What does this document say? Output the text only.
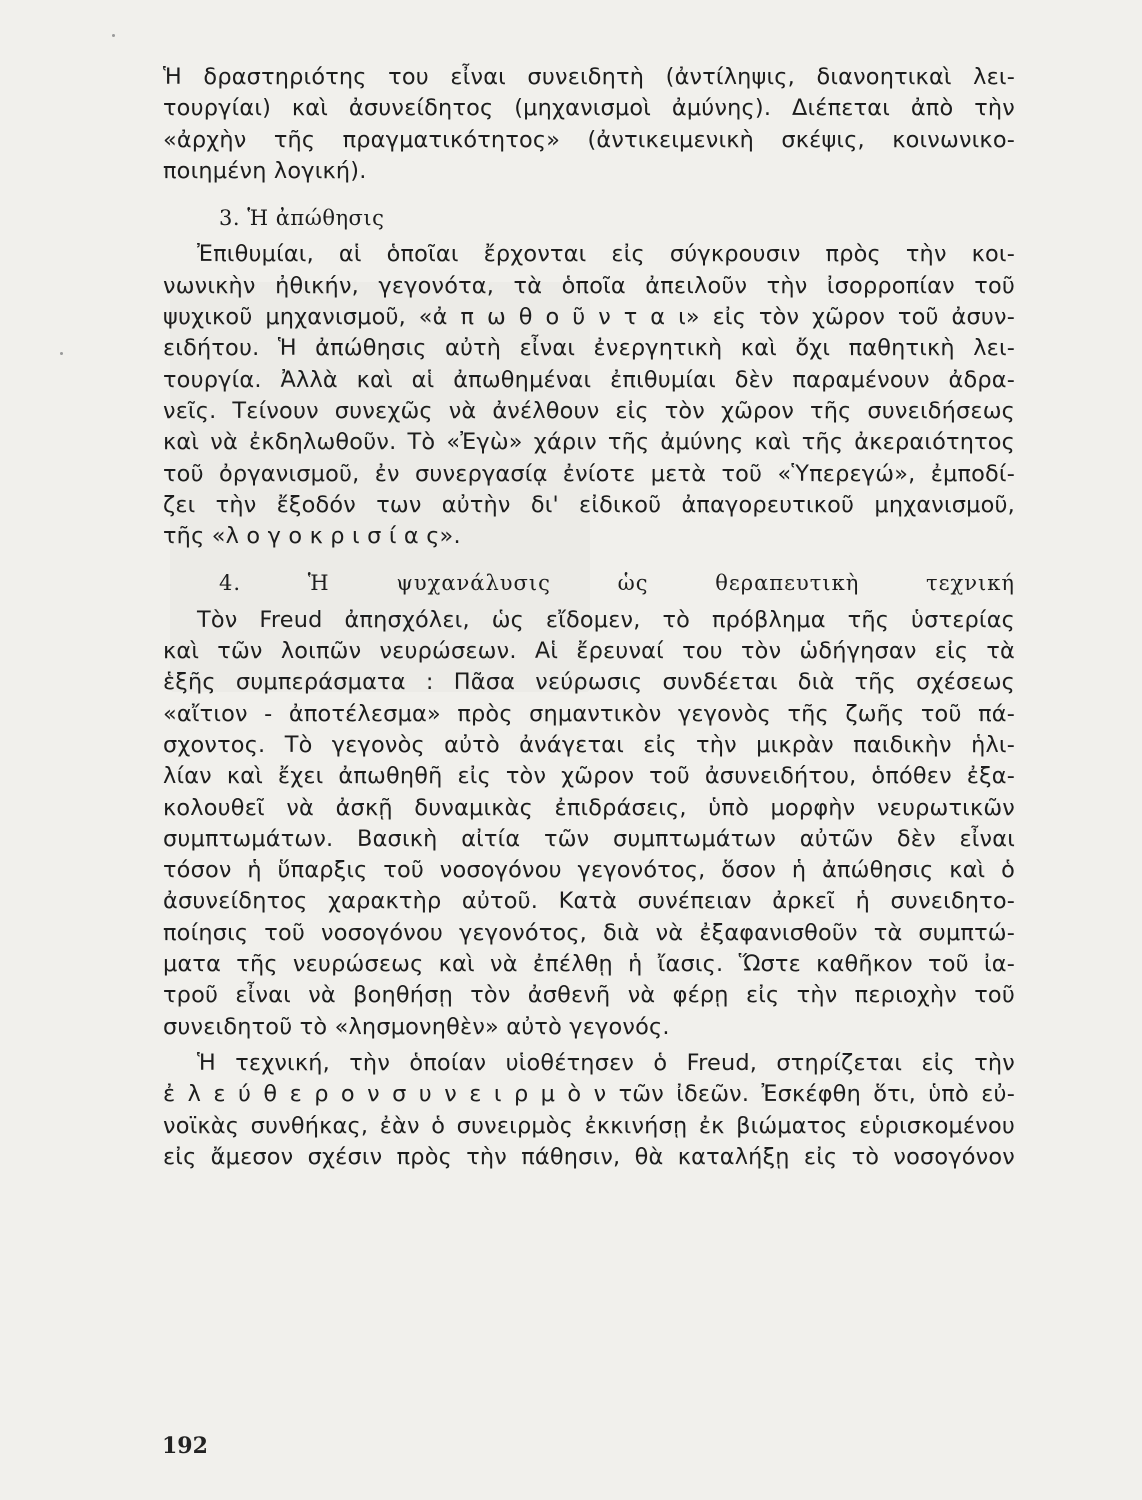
Ἡ δραστηριότης του εἶναι συνειδητὴ (ἀντίληψις, διανοητικαὶ λει-
τουργίαι) καὶ ἀσυνείδητος (μηχανισμοὶ ἀμύνης). Διέπεται ἀπὸ τὴν
«ἀρχὴν τῆς πραγματικότητος» (ἀντικειμενικὴ σκέψις, κοινωνικο-
ποιημένη λογική).
3. Ἡ ἀπώθησις
Ἐπιθυμίαι, αἱ ὁποῖαι ἔρχονται εἰς σύγκρουσιν πρὸς τὴν κοι-
νωνικὴν ἠθικήν, γεγονότα, τὰ ὁποῖα ἀπειλοῦν τὴν ἰσορροπίαν τοῦ
ψυχικοῦ μηχανισμοῦ, «ἀ π ω θ ο ῦ ν τ α ι» εἰς τὸν χῶρον τοῦ ἀσυν-
ειδήτου. Ἡ ἀπώθησις αὐτὴ εἶναι ἐνεργητικὴ καὶ ὄχι παθητικὴ λει-
τουργία. Ἀλλὰ καὶ αἱ ἀπωθημέναι ἐπιθυμίαι δὲν παραμένουν ἀδρα-
νεῖς. Τείνουν συνεχῶς νὰ ἀνέλθουν εἰς τὸν χῶρον τῆς συνειδήσεως
καὶ νὰ ἐκδηλωθοῦν. Τὸ «Ἐγὼ» χάριν τῆς ἀμύνης καὶ τῆς ἀκεραιότητος
τοῦ ὀργανισμοῦ, ἐν συνεργασίᾳ ἐνίοτε μετὰ τοῦ «Ὑπερεγώ», ἐμποδί-
ζει τὴν ἔξοδόν των αὐτὴν δι' εἰδικοῦ ἀπαγορευτικοῦ μηχανισμοῦ,
τῆς «λ ο γ ο κ ρ ι σ ί α ς».
4. Ἡ ψυχανάλυσις ὡς θεραπευτικὴ τεχνική
Τὸν Freud ἀπησχόλει, ὡς εἴδομεν, τὸ πρόβλημα τῆς ὑστερίας
καὶ τῶν λοιπῶν νευρώσεων. Αἱ ἔρευναί του τὸν ὡδήγησαν εἰς τὰ
ἑξῆς συμπεράσματα : Πᾶσα νεύρωσις συνδέεται διὰ τῆς σχέσεως
«αἴτιον - ἀποτέλεσμα» πρὸς σημαντικὸν γεγονὸς τῆς ζωῆς τοῦ πά-
σχοντος. Τὸ γεγονὸς αὐτὸ ἀνάγεται εἰς τὴν μικρὰν παιδικὴν ἡλι-
λίαν καὶ ἔχει ἀπωθηθῆ εἰς τὸν χῶρον τοῦ ἀσυνειδήτου, ὁπόθεν ἐξα-
κολουθεῖ νὰ ἀσκῇ δυναμικὰς ἐπιδράσεις, ὑπὸ μορφὴν νευρωτικῶν
συμπτωμάτων. Βασικὴ αἰτία τῶν συμπτωμάτων αὐτῶν δὲν εἶναι
τόσον ἡ ὕπαρξις τοῦ νοσογόνου γεγονότος, ὅσον ἡ ἀπώθησις καὶ ὁ
ἀσυνείδητος χαρακτὴρ αὐτοῦ. Κατὰ συνέπειαν ἀρκεῖ ἡ συνειδητο-
ποίησις τοῦ νοσογόνου γεγονότος, διὰ νὰ ἐξαφανισθοῦν τὰ συμπτώ-
ματα τῆς νευρώσεως καὶ νὰ ἐπέλθῃ ἡ ἴασις. Ὥστε καθῆκον τοῦ ἰα-
τροῦ εἶναι νὰ βοηθήσῃ τὸν ἀσθενῆ νὰ φέρῃ εἰς τὴν περιοχὴν τοῦ
συνειδητοῦ τὸ «λησμονηθὲν» αὐτὸ γεγονός.
Ἡ τεχνική, τὴν ὁποίαν υἱοθέτησεν ὁ Freud, στηρίζεται εἰς τὴν
ἐ λ ε ύ θ ε ρ ο ν σ υ ν ε ι ρ μ ὸ ν τῶν ἰδεῶν. Ἐσκέφθη ὅτι, ὑπὸ εὐ-
νοϊκὰς συνθήκας, ἐὰν ὁ συνειρμὸς ἐκκινήσῃ ἐκ βιώματος εὑρισκομένου
εἰς ἄμεσον σχέσιν πρὸς τὴν πάθησιν, θὰ καταλήξῃ εἰς τὸ νοσογόνον
192
